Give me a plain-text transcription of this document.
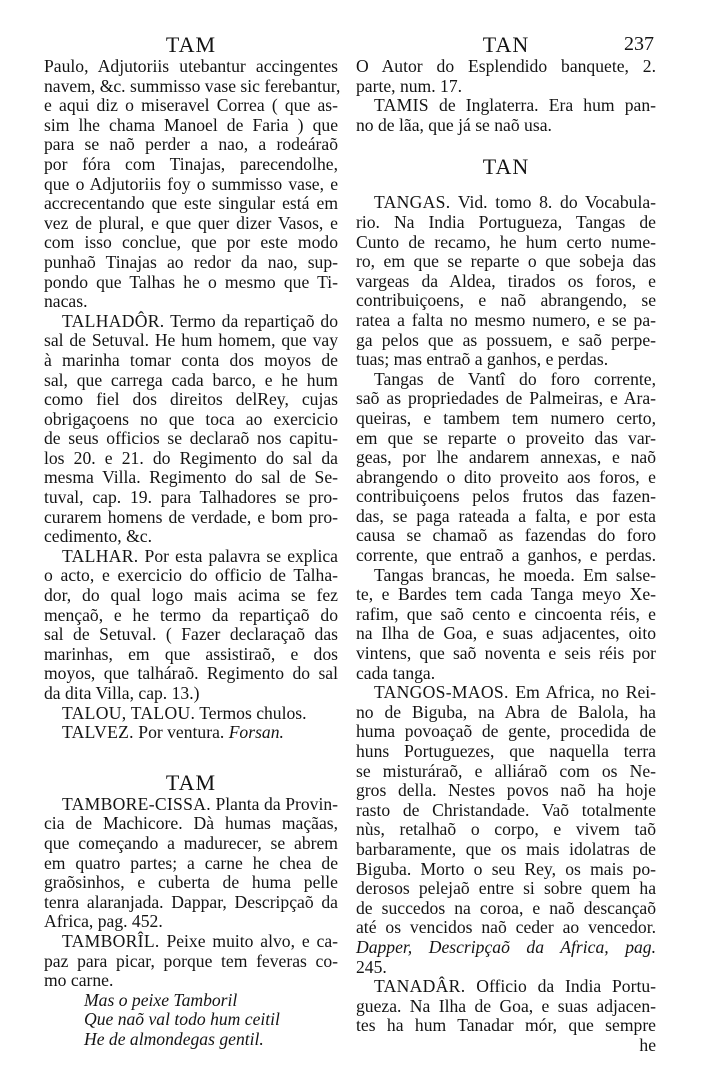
TAM
Paulo, Adjutoriis utebantur accingentes
navem, &c. summisso vase sic ferebantur,
e aqui diz o miseravel Correa ( que as-
sim lhe chama Manoel de Faria ) que
para se naõ perder a nao, a rodeáraõ
por fóra com Tinajas, parecendolhe,
que o Adjutoriis foy o summisso vase, e
accrecentando que este singular está em
vez de plural, e que quer dizer Vasos, e
com isso conclue, que por este modo
punhaõ Tinajas ao redor da nao, sup-
pondo que Talhas he o mesmo que Ti-
nacas.
TALHADÔR. Termo da repartiçaõ do
sal de Setuval. He hum homem, que vay
à marinha tomar conta dos moyos de
sal, que carrega cada barco, e he hum
como fiel dos direitos delRey, cujas
obrigaçoens no que toca ao exercicio
de seus officios se declaraõ nos capitu-
los 20. e 21. do Regimento do sal da
mesma Villa. Regimento do sal de Se-
tuval, cap. 19. para Talhadores se pro-
curarem homens de verdade, e bom pro-
cedimento, &c.
TALHAR. Por esta palavra se explica
o acto, e exercicio do officio de Talha-
dor, do qual logo mais acima se fez
mençaõ, e he termo da repartiçaõ do
sal de Setuval. ( Fazer declaraçaõ das
marinhas, em que assistiraõ, e dos
moyos, que talháraõ. Regimento do sal
da dita Villa, cap. 13.)
TALOU, TALOU. Termos chulos.
TALVEZ. Por ventura. Forsan.
TAM
TAMBORE-CISSA. Planta da Provin-
cia de Machicore. Dà humas maçãas,
que começando a madurecer, se abrem
em quatro partes; a carne he chea de
graõsinhos, e cuberta de huma pelle
tenra alaranjada. Dappar, Descripçaõ da
Africa, pag. 452.
TAMBORÎL. Peixe muito alvo, e ca-
paz para picar, porque tem feveras co-
mo carne.
Mas o peixe Tamboril
Que naõ val todo hum ceitil
He de almondegas gentil.
TAN	237
O Autor do Esplendido banquete, 2.
parte, num. 17.
TAMIS de Inglaterra. Era hum pan-
no de lãa, que já se naõ usa.
TAN
TANGAS. Vid. tomo 8. do Vocabula-
rio. Na India Portugueza, Tangas de
Cunto de recamo, he hum certo nume-
ro, em que se reparte o que sobeja das
vargeas da Aldea, tirados os foros, e
contribuiçoens, e naõ abrangendo, se
ratea a falta no mesmo numero, e se pa-
ga pelos que as possuem, e saõ perpe-
tuas; mas entraõ a ganhos, e perdas.
Tangas de Vantî do foro corrente,
saõ as propriedades de Palmeiras, e Ara-
queiras, e tambem tem numero certo,
em que se reparte o proveito das var-
geas, por lhe andarem annexas, e naõ
abrangendo o dito proveito aos foros, e
contribuiçoens pelos frutos das fazen-
das, se paga rateada a falta, e por esta
causa se chamaõ as fazendas do foro
corrente, que entraõ a ganhos, e perdas.
Tangas brancas, he moeda. Em salse-
te, e Bardes tem cada Tanga meyo Xe-
rafim, que saõ cento e cincoenta réis, e
na Ilha de Goa, e suas adjacentes, oito
vintens, que saõ noventa e seis réis por
cada tanga.
TANGOS-MAOS. Em Africa, no Rei-
no de Biguba, na Abra de Balola, ha
huma povoaçaõ de gente, procedida de
huns Portuguezes, que naquella terra
se misturáraõ, e alliáraõ com os Ne-
gros della. Nestes povos naõ ha hoje
rasto de Christandade. Vaõ totalmente
nùs, retalhaõ o corpo, e vivem taõ
barbaramente, que os mais idolatras de
Biguba. Morto o seu Rey, os mais po-
derosos pelejaõ entre si sobre quem ha
de succedos na coroa, e naõ descançaõ
até os vencidos naõ ceder ao vencedor.
Dapper, Descripçaõ da Africa, pag.
245.
TANADÂR. Officio da India Portu-
gueza. Na Ilha de Goa, e suas adjacen-
tes ha hum Tanadar mór, que sempre
he
